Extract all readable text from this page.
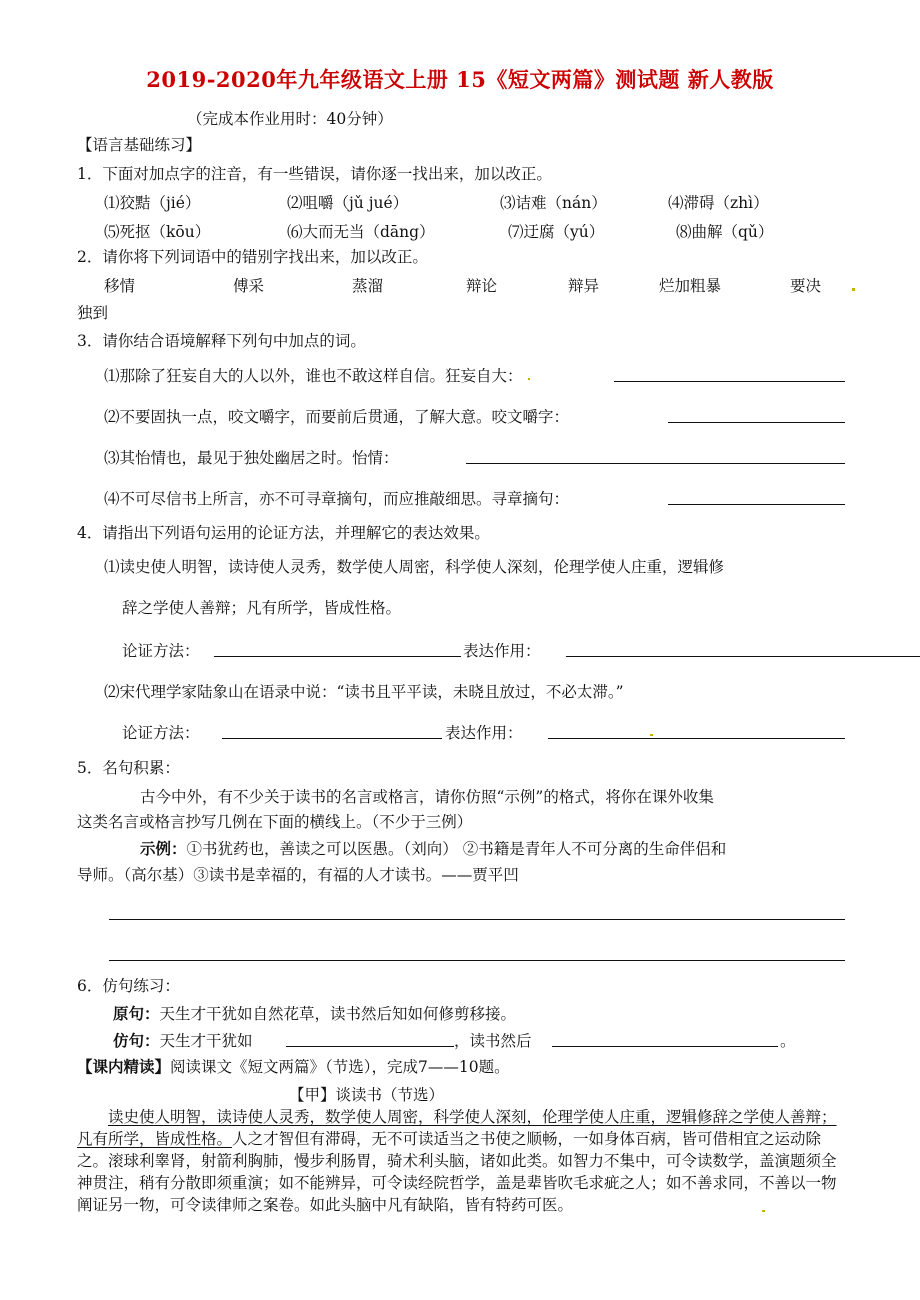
2019-2020年九年级语文上册 15《短文两篇》测试题 新人教版
（完成本作业用时：40分钟）
【语言基础练习】
1．下面对加点字的注音，有一些错误，请你逐一找出来，加以改正。
⑴狡黠（jié）	⑵咀嚼（jǔ jué）	⑶诘难（nán）	⑷滞碍（zhì）
⑸死抠（kōu）	⑹大而无当（dāng）	⑺迂腐（yú）	⑻曲解（qǔ）
2．请你将下列词语中的错别字找出来，加以改正。
移情	傅采	蒸溜	辩论	辩异	烂加粗暴	要决
独到
3．请你结合语境解释下列句中加点的词。
⑴那除了狂妄自大的人以外，谁也不敢这样自信。狂妄自大：
⑵不要固执一点，咬文嚼字，而要前后贯通，了解大意。咬文嚼字：
⑶其怡情也，最见于独处幽居之时。怡情：
⑷不可尽信书上所言，亦不可寻章摘句，而应推敲细思。寻章摘句：
4．请指出下列语句运用的论证方法，并理解它的表达效果。
⑴读史使人明智，读诗使人灵秀，数学使人周密，科学使人深刻，伦理学使人庄重，逻辑修
辞之学使人善辩；凡有所学，皆成性格。
论证方法：	表达作用：
⑵宋代理学家陆象山在语录中说：“读书且平平读，未晓且放过，不必太滞。”
论证方法：	表达作用：
5．名句积累：
古今中外，有不少关于读书的名言或格言，请你仿照“示例”的格式，将你在课外收集
这类名言或格言抄写几例在下面的横线上。（不少于三例）
示例：①书犹药也，善读之可以医愚。（刘向） ②书籍是青年人不可分离的生命伴侣和
导师。（高尔基）③读书是幸福的，有福的人才读书。——贾平凹
6．仿句练习：
原句：天生才干犹如自然花草，读书然后知如何修剪移接。
仿句：天生才干犹如	，读书然后	。
【课内精读】阅读课文《短文两篇》（节选），完成7——10题。
【甲】谈读书（节选）
读史使人明智，读诗使人灵秀，数学使人周密，科学使人深刻，伦理学使人庄重，逻辑修辞之学使人善辩；凡有所学，皆成性格。人之才智但有滞碍，无不可读适当之书使之顺畅，一如身体百病，皆可借相宜之运动除之。滚球利睾肾，射箭利胸肺，慢步利肠胃，骑术利头脑，诸如此类。如智力不集中，可令读数学，盖演题须全神贯注，稍有分散即须重演；如不能辨异，可令读经院哲学，盖是辈皆吹毛求疵之人；如不善求同，不善以一物阐证另一物，可令读律师之案卷。如此头脑中凡有缺陷，皆有特药可医。
